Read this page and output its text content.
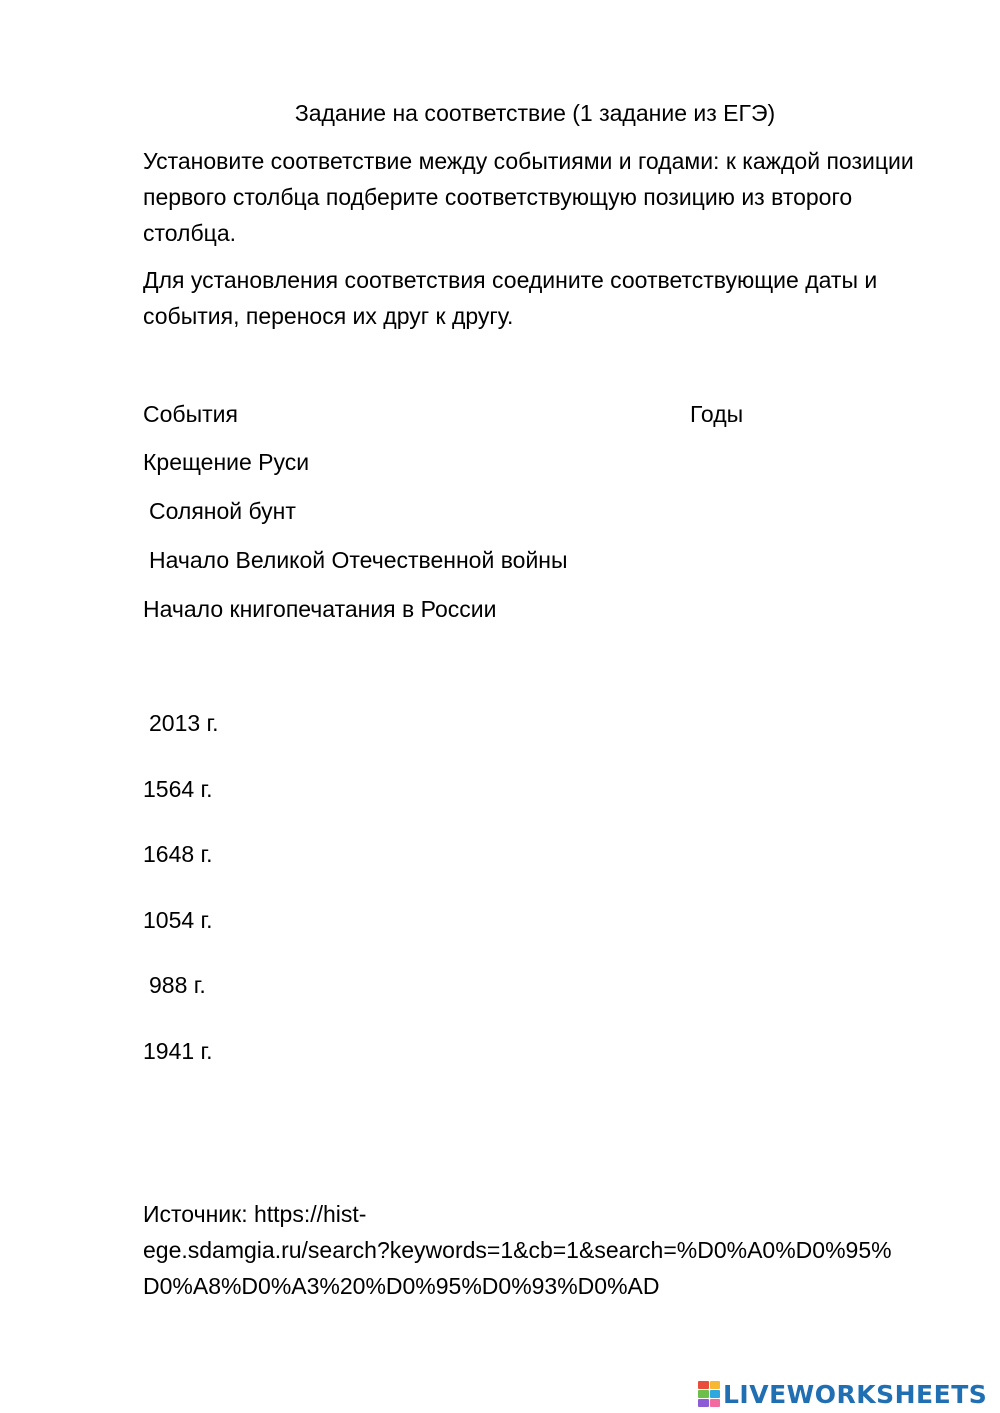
Задание на соответствие (1 задание из ЕГЭ)
Установите соответствие между событиями и годами: к каждой позиции первого столбца подберите соответствующую позицию из второго столбца.
Для установления соответствия соедините соответствующие даты и события, перенося их друг к другу.
События	Годы
Крещение Руси
Соляной бунт
Начало Великой Отечественной войны
Начало книгопечатания в России
2013 г.
1564 г.
1648 г.
1054 г.
988 г.
1941 г.
Источник: https://hist-
ege.sdamgia.ru/search?keywords=1&cb=1&search=%D0%A0%D0%95%
D0%A8%D0%A3%20%D0%95%D0%93%D0%AD
LIVEWORKSHEETS
